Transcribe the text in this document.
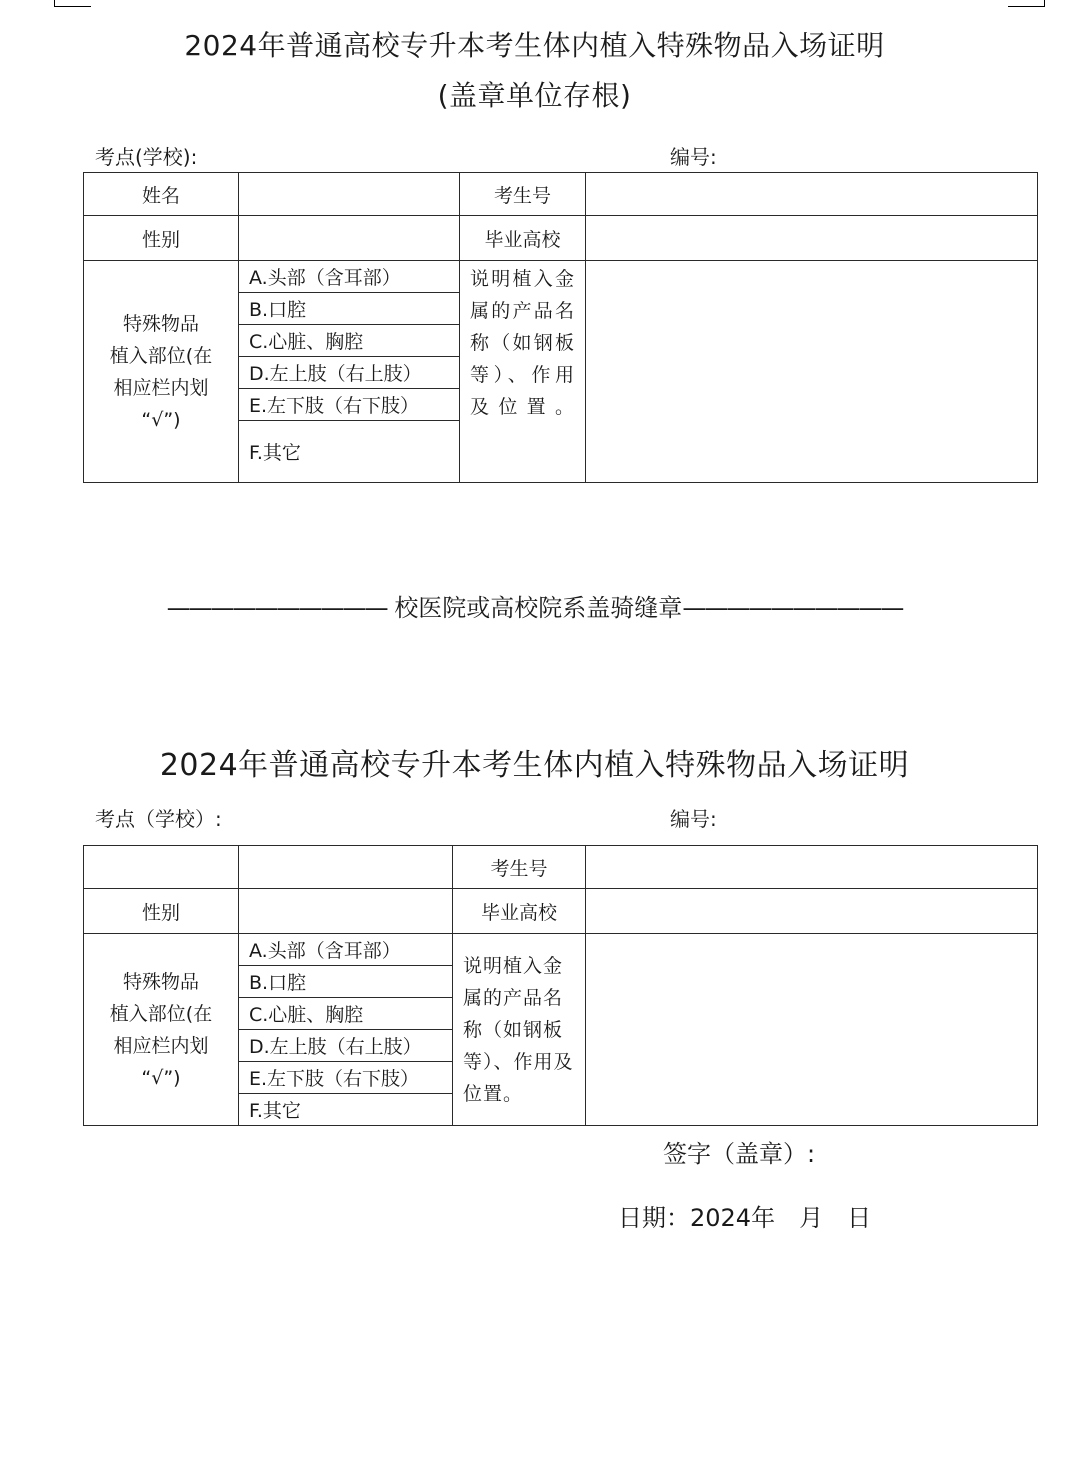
2024年普通高校专升本考生体内植入特殊物品入场证明
(盖章单位存根)
考点(学校):	编号:
姓名		考生号	
性别		毕业高校	

特殊物品
植入部位(在
相应栏内划
“√”)	A.头部（含耳部）	说明植入金属的产品名称（如钢板等）、作用及位置。	
	B.口腔		
	C.心脏、胸腔		
	D.左上肢（右上肢）		
	E.左下肢（右下肢）		
	F.其它		
—————————— 校医院或高校院系盖骑缝章——————————
2024年普通高校专升本考生体内植入特殊物品入场证明
考点（学校）:	编号:
		考生号	
性别		毕业高校	

特殊物品
植入部位(在
相应栏内划
“√”)	A.头部（含耳部）	说明植入金属的产品名称（如钢板等）、作用及位置。	
	B.口腔		
	C.心脏、胸腔		
	D.左上肢（右上肢）		
	E.左下肢（右下肢）		
	F.其它		
签字（盖章）:
日期：2024年　月　日
